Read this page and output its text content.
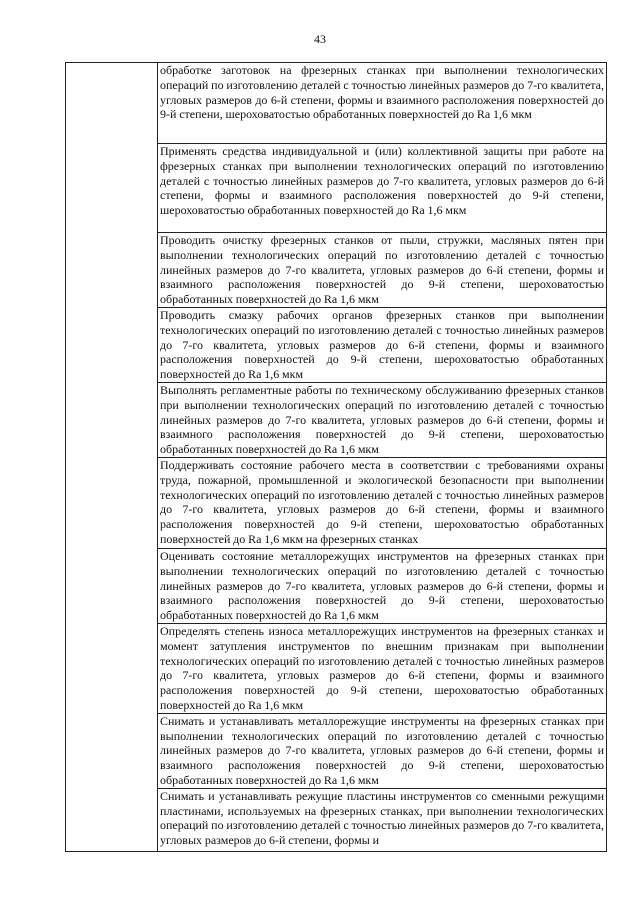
43

обработке заготовок на фрезерных станках при выполнении технологических операций по изготовлению деталей с точностью линейных размеров до 7-го квалитета, угловых размеров до 6-й степени, формы и взаимного расположения поверхностей до 9-й степени, шероховатостью обработанных поверхностей до Ra 1,6 мкм

Применять средства индивидуальной и (или) коллективной защиты при работе на фрезерных станках при выполнении технологических операций по изготовлению деталей с точностью линейных размеров до 7-го квалитета, угловых размеров до 6-й степени, формы и взаимного расположения поверхностей до 9-й степени, шероховатостью обработанных поверхностей до Ra 1,6 мкм

Проводить очистку фрезерных станков от пыли, стружки, масляных пятен при выполнении технологических операций по изготовлению деталей с точностью линейных размеров до 7-го квалитета, угловых размеров до 6-й степени, формы и взаимного расположения поверхностей до 9-й степени, шероховатостью обработанных поверхностей до Ra 1,6 мкм

Проводить смазку рабочих органов фрезерных станков при выполнении технологических операций по изготовлению деталей с точностью линейных размеров до 7-го квалитета, угловых размеров до 6-й степени, формы и взаимного расположения поверхностей до 9-й степени, шероховатостью обработанных поверхностей до Ra 1,6 мкм

Выполнять регламентные работы по техническому обслуживанию фрезерных станков при выполнении технологических операций по изготовлению деталей с точностью линейных размеров до 7-го квалитета, угловых размеров до 6-й степени, формы и взаимного расположения поверхностей до 9-й степени, шероховатостью обработанных поверхностей до Ra 1,6 мкм

Поддерживать состояние рабочего места в соответствии с требованиями охраны труда, пожарной, промышленной и экологической безопасности при выполнении технологических операций по изготовлению деталей с точностью линейных размеров до 7-го квалитета, угловых размеров до 6-й степени, формы и взаимного расположения поверхностей до 9-й степени, шероховатостью обработанных поверхностей до Ra 1,6 мкм на фрезерных станках

Оценивать состояние металлорежущих инструментов на фрезерных станках при выполнении технологических операций по изготовлению деталей с точностью линейных размеров до 7-го квалитета, угловых размеров до 6-й степени, формы и взаимного расположения поверхностей до 9-й степени, шероховатостью обработанных поверхностей до Ra 1,6 мкм

Определять степень износа металлорежущих инструментов на фрезерных станках и момент затупления инструментов по внешним признакам при выполнении технологических операций по изготовлению деталей с точностью линейных размеров до 7-го квалитета, угловых размеров до 6-й степени, формы и взаимного расположения поверхностей до 9-й степени, шероховатостью обработанных поверхностей до Ra 1,6 мкм

Снимать и устанавливать металлорежущие инструменты на фрезерных станках при выполнении технологических операций по изготовлению деталей с точностью линейных размеров до 7-го квалитета, угловых размеров до 6-й степени, формы и взаимного расположения поверхностей до 9-й степени, шероховатостью обработанных поверхностей до Ra 1,6 мкм

Снимать и устанавливать режущие пластины инструментов со сменными режущими пластинами, используемых на фрезерных станках, при выполнении технологических операций по изготовлению деталей с точностью линейных размеров до 7-го квалитета, угловых размеров до 6-й степени, формы и
